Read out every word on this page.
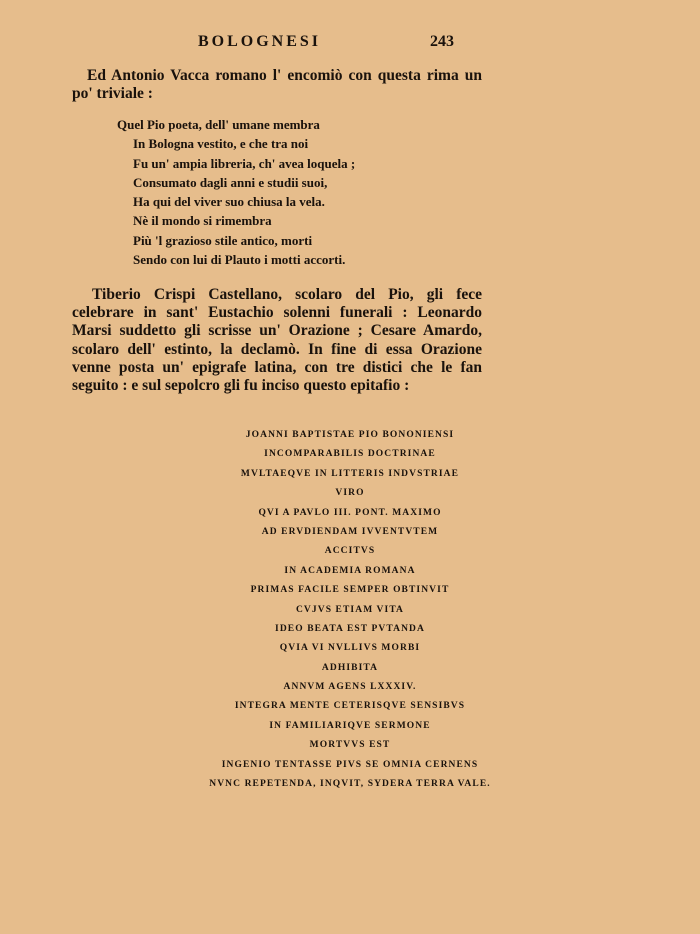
BOLOGNESI	243

Ed Antonio Vacca romano l' encomiò con questa rima un po' triviale :

Quel Pio poeta, dell' umane membra
In Bologna vestito, e che tra noi
Fu un' ampia libreria, ch' avea loquela ;
Consumato dagli anni e studii suoi,
Ha qui del viver suo chiusa la vela.
Nè il mondo si rimembra
Più 'l grazioso stile antico, morti
Sendo con lui di Plauto i motti accorti.

Tiberio Crispi Castellano, scolaro del Pio, gli fece celebrare in sant' Eustachio solenni funerali : Leonardo Marsi suddetto gli scrisse un' Orazione ; Cesare Amardo, scolaro dell' estinto, la declamò. In fine di essa Orazione venne posta un' epigrafe latina, con tre distici che le fan seguito : e sul sepolcro gli fu inciso questo epitafio :

JOANNI BAPTISTAE PIO BONONIENSI
INCOMPARABILIS DOCTRINAE
MVLTAEQVE IN LITTERIS INDVSTRIAE
VIRO
QVI A PAVLO III. PONT. MAXIMO
AD ERVDIENDAM IVVENTVTEM
ACCITVS
IN ACADEMIA ROMANA
PRIMAS FACILE SEMPER OBTINVIT
CVJVS ETIAM VITA
IDEO BEATA EST PVTANDA
QVIA VI NVLLIVS MORBI
ADHIBITA
ANNVM AGENS LXXXIV.
INTEGRA MENTE CETERISQVE SENSIBVS
IN FAMILIARIQVE SERMONE
MORTVVS EST
INGENIO TENTASSE PIVS SE OMNIA CERNENS
NVNC REPETENDA, INQVIT, SYDERA TERRA VALE.
